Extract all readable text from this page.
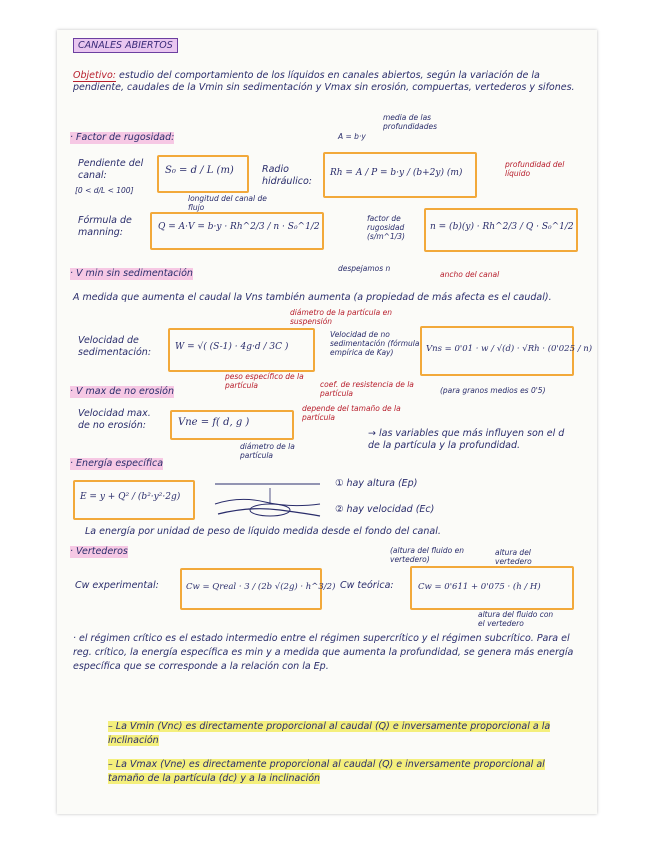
CANALES ABIERTOS
Objetivo: estudio del comportamiento de los líquidos en canales abiertos, según la variación de la pendiente, caudales de la Vmin sin sedimentación y Vmax sin erosión, compuertas, vertederos y sifones.
A = b·y
media de las profundidades
· Factor de rugosidad:
Pendiente del canal:
[0 < d/L < 100]
S₀ = d / L (m)
longitud del canal de flujo
Radio hidráulico:
Rh = A / P = b·y / (b+2y) (m)
profundidad del líquido
Fórmula de manning:	Q = A·V = b·y · Rh^2/3 / n · S₀^1/2
factor de rugosidad (s/m^1/3)
n = (b)(y) · Rh^2/3 / Q · S₀^1/2
despejamos n
ancho del canal
· V min sin sedimentación
A medida que aumenta el caudal la Vns también aumenta (a propiedad de más afecta es el caudal).
diámetro de la partícula en suspensión
Velocidad de sedimentación:	W = √( (S-1) · 4g·d / 3C )
peso específico de la partícula	coef. de resistencia de la partícula
Velocidad de no sedimentación (fórmula empírica de Kay)	Vns = 0'01 · w / √(d) · √Rh · (0'025 / n)
(para granos medios es 0'5)
· V max de no erosión
Velocidad max. de no erosión:	Vne = f( d, g )
depende del tamaño de la partícula
diámetro de la partícula
→ las variables que más influyen son el d de la partícula y la profundidad.
· Energía específica
E = y + Q² / (b²·y²·2g)
① hay altura (Ep)
② hay velocidad (Ec)
La energía por unidad de peso de líquido medida desde el fondo del canal.
· Vertederos	(altura del fluido en vertedero)
altura del vertedero
Cw experimental:	Cw = Qreal · 3 / (2b √(2g) · h^3/2) Cw teórica:	Cw = 0'611 + 0'075 · (h / H)
altura del fluido con el vertedero
· el régimen crítico es el estado intermedio entre el régimen supercrítico y el régimen subcrítico. Para el reg. crítico, la energía específica es min y a medida que aumenta la profundidad, se genera más energía específica que se corresponde a la relación con la Ep.
– La Vmin (Vnc) es directamente proporcional al caudal (Q) e inversamente proporcional a la inclinación
– La Vmax (Vne) es directamente proporcional al caudal (Q) e inversamente proporcional al tamaño de la partícula (dc) y a la inclinación
